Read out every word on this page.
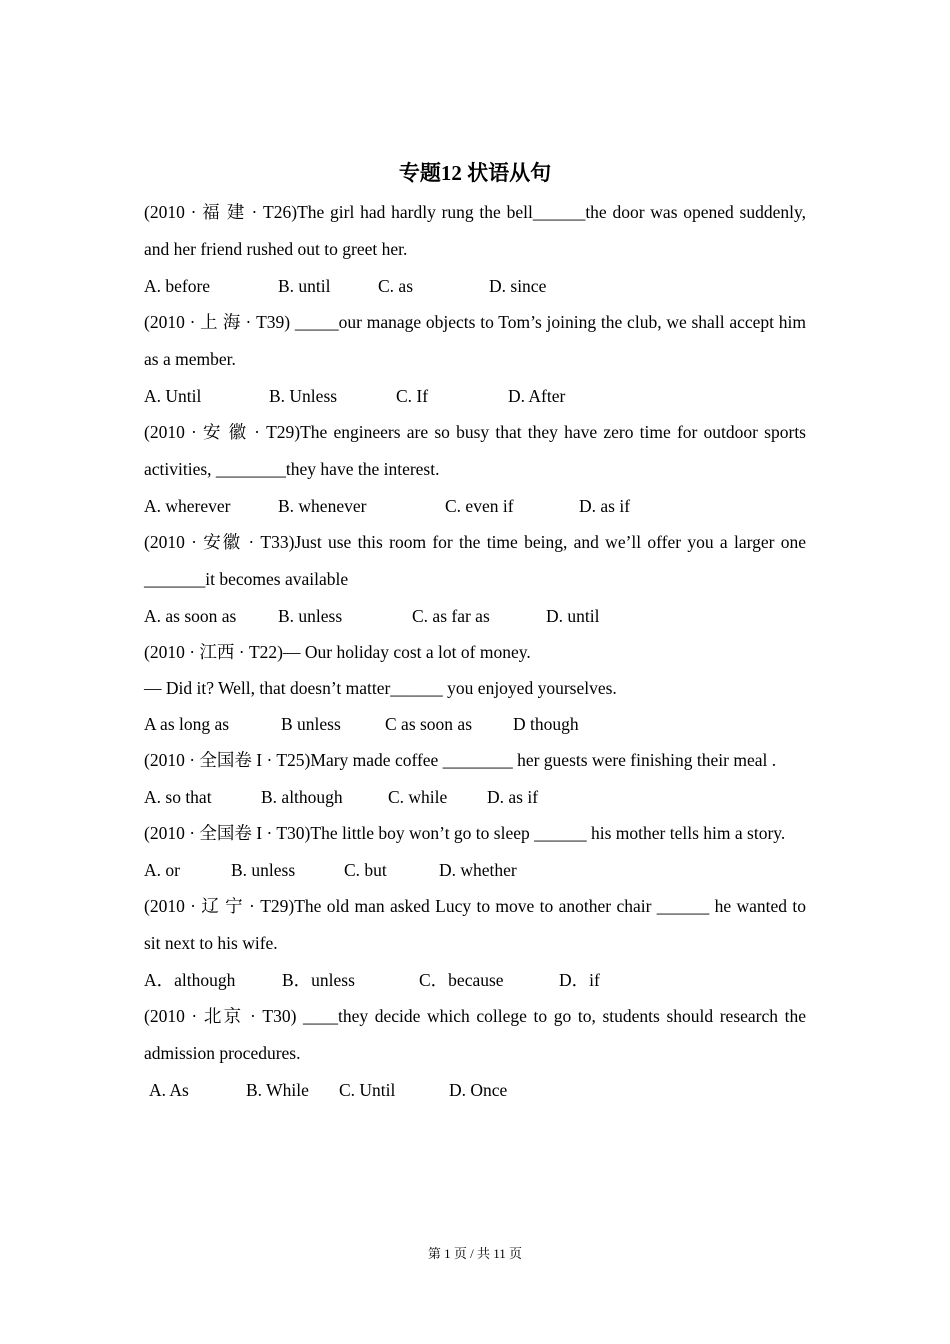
专题12 状语从句

(2010 · 福 建 · T26)The girl had hardly rung the bell______the door was opened suddenly, and her friend rushed out to greet her.

A. before	B. until	C. as	D. since

(2010 · 上 海 · T39) _____our manage objects to Tom’s joining the club, we shall accept him as a member.

A. Until	B. Unless	C. If	D. After

(2010 · 安 徽 · T29)The engineers are so busy that they have zero time for outdoor sports activities, ________they have the interest.

A. wherever	B. whenever	C. even if	D. as if

(2010 · 安徽 · T33)Just use this room for the time being, and we’ll offer you a larger one _______it becomes available

A. as soon as B. unless	C. as far as	D. until

(2010 · 江西 · T22)— Our holiday cost a lot of money.

— Did it? Well, that doesn’t matter______ you enjoyed yourselves.

A as long as	B unless	C as soon as D though

(2010 · 全国卷 I · T25)Mary made coffee ________ her guests were finishing their meal .

A. so that	B. although	C. while D. as if

(2010 · 全国卷 I · T30)The little boy won’t go to sleep ______ his mother tells him a story.

A. or	B. unless	C. but	D. whether

(2010 · 辽 宁 · T29)The old man asked Lucy to move to another chair ______ he wanted to sit next to his wife.

A．although	B．unless	C．because	D．if

(2010 · 北京 · T30) ____they decide which college to go to, students should research the admission procedures.

A. As	B. While C. Until	D. Once

第 1 页 / 共 11 页
